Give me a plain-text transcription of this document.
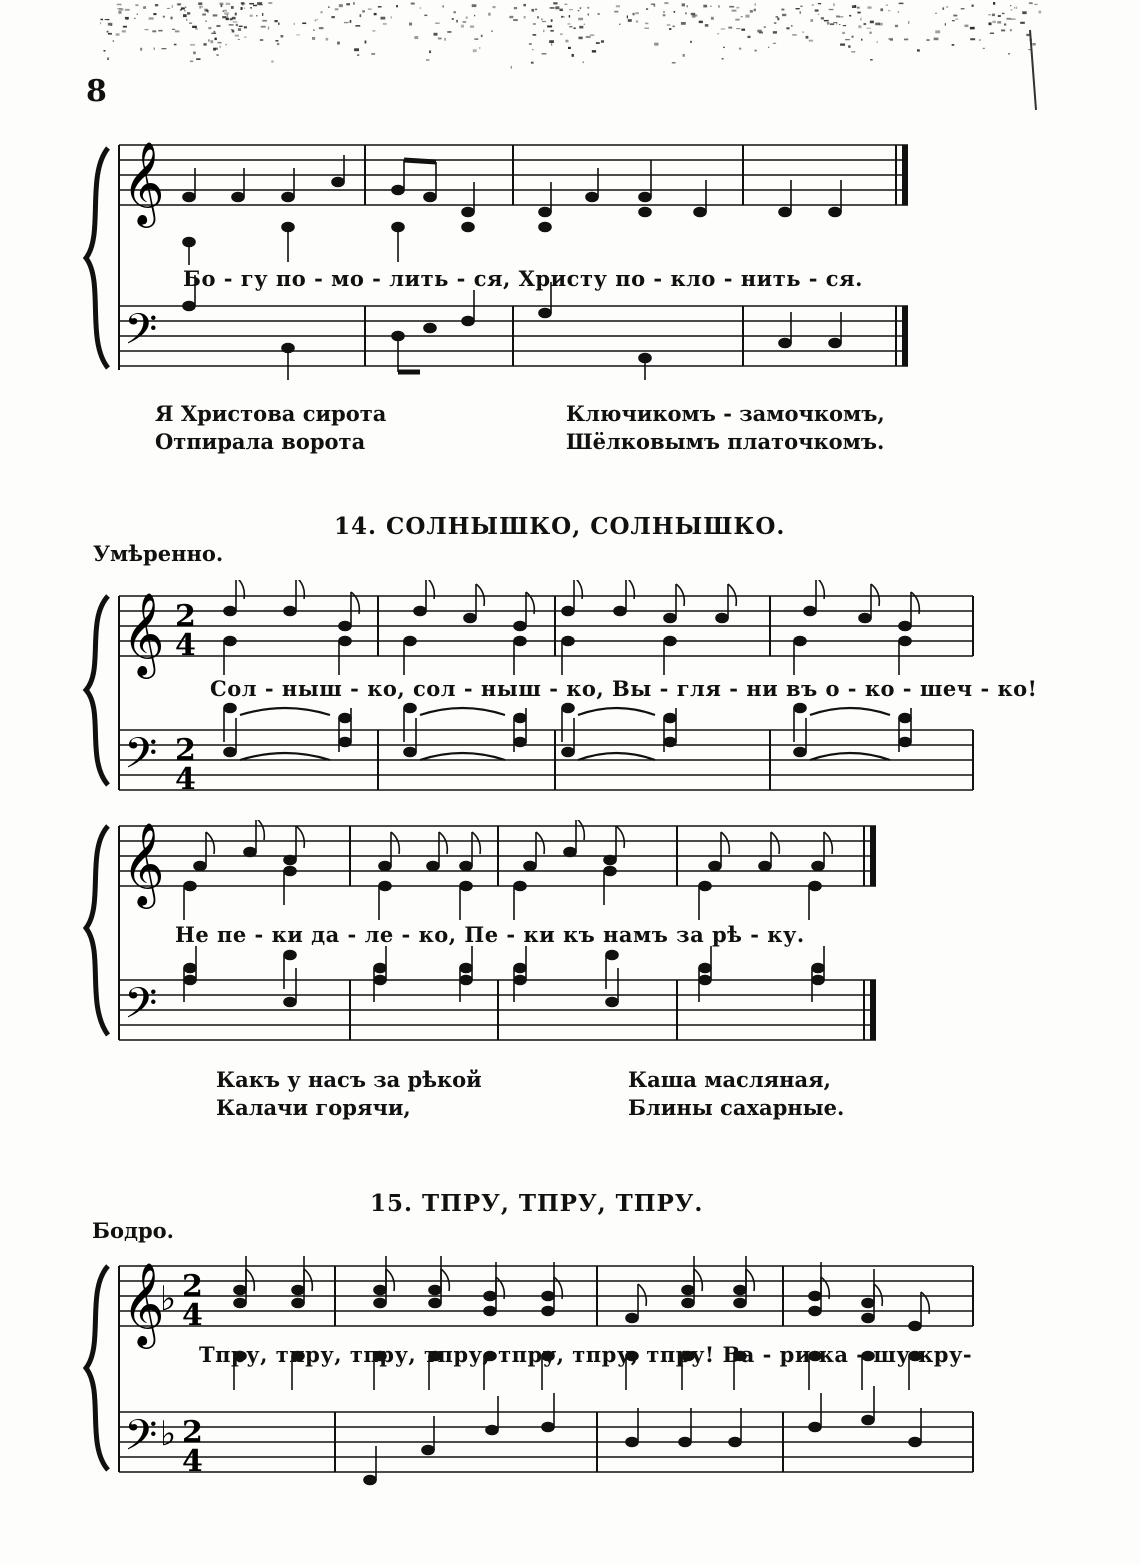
8
𝄞
𝄢
Бо - гу по - мо - лить - ся, Христу по - кло - нить - ся.
Я Христова сирота
Отпирала ворота
Ключикомъ - замочкомъ,
Шёлковымъ платочкомъ.
14. СОЛНЫШКО, СОЛНЫШКО.
Умѣренно.
𝄞
𝄢
2
4
2
4
Сол - ныш - ко, сол - ныш - ко, Вы - гля - ни въ о - ко - шеч - ко!
𝄞
𝄢
Не пе - ки да - ле - ко, Пе - ки къ намъ за рѣ - ку.
Какъ у насъ за рѣкой
Калачи горячи,
Каша масляная,
Блины сахарные.
15. ТПРУ, ТПРУ, ТПРУ.
Бодро.
𝄞
𝄢
♭
♭
2
4
2
4
Тпру, тпру, тпру, тпру, тпру, тпру, тпру! Ва - ри ка - шу кру-
